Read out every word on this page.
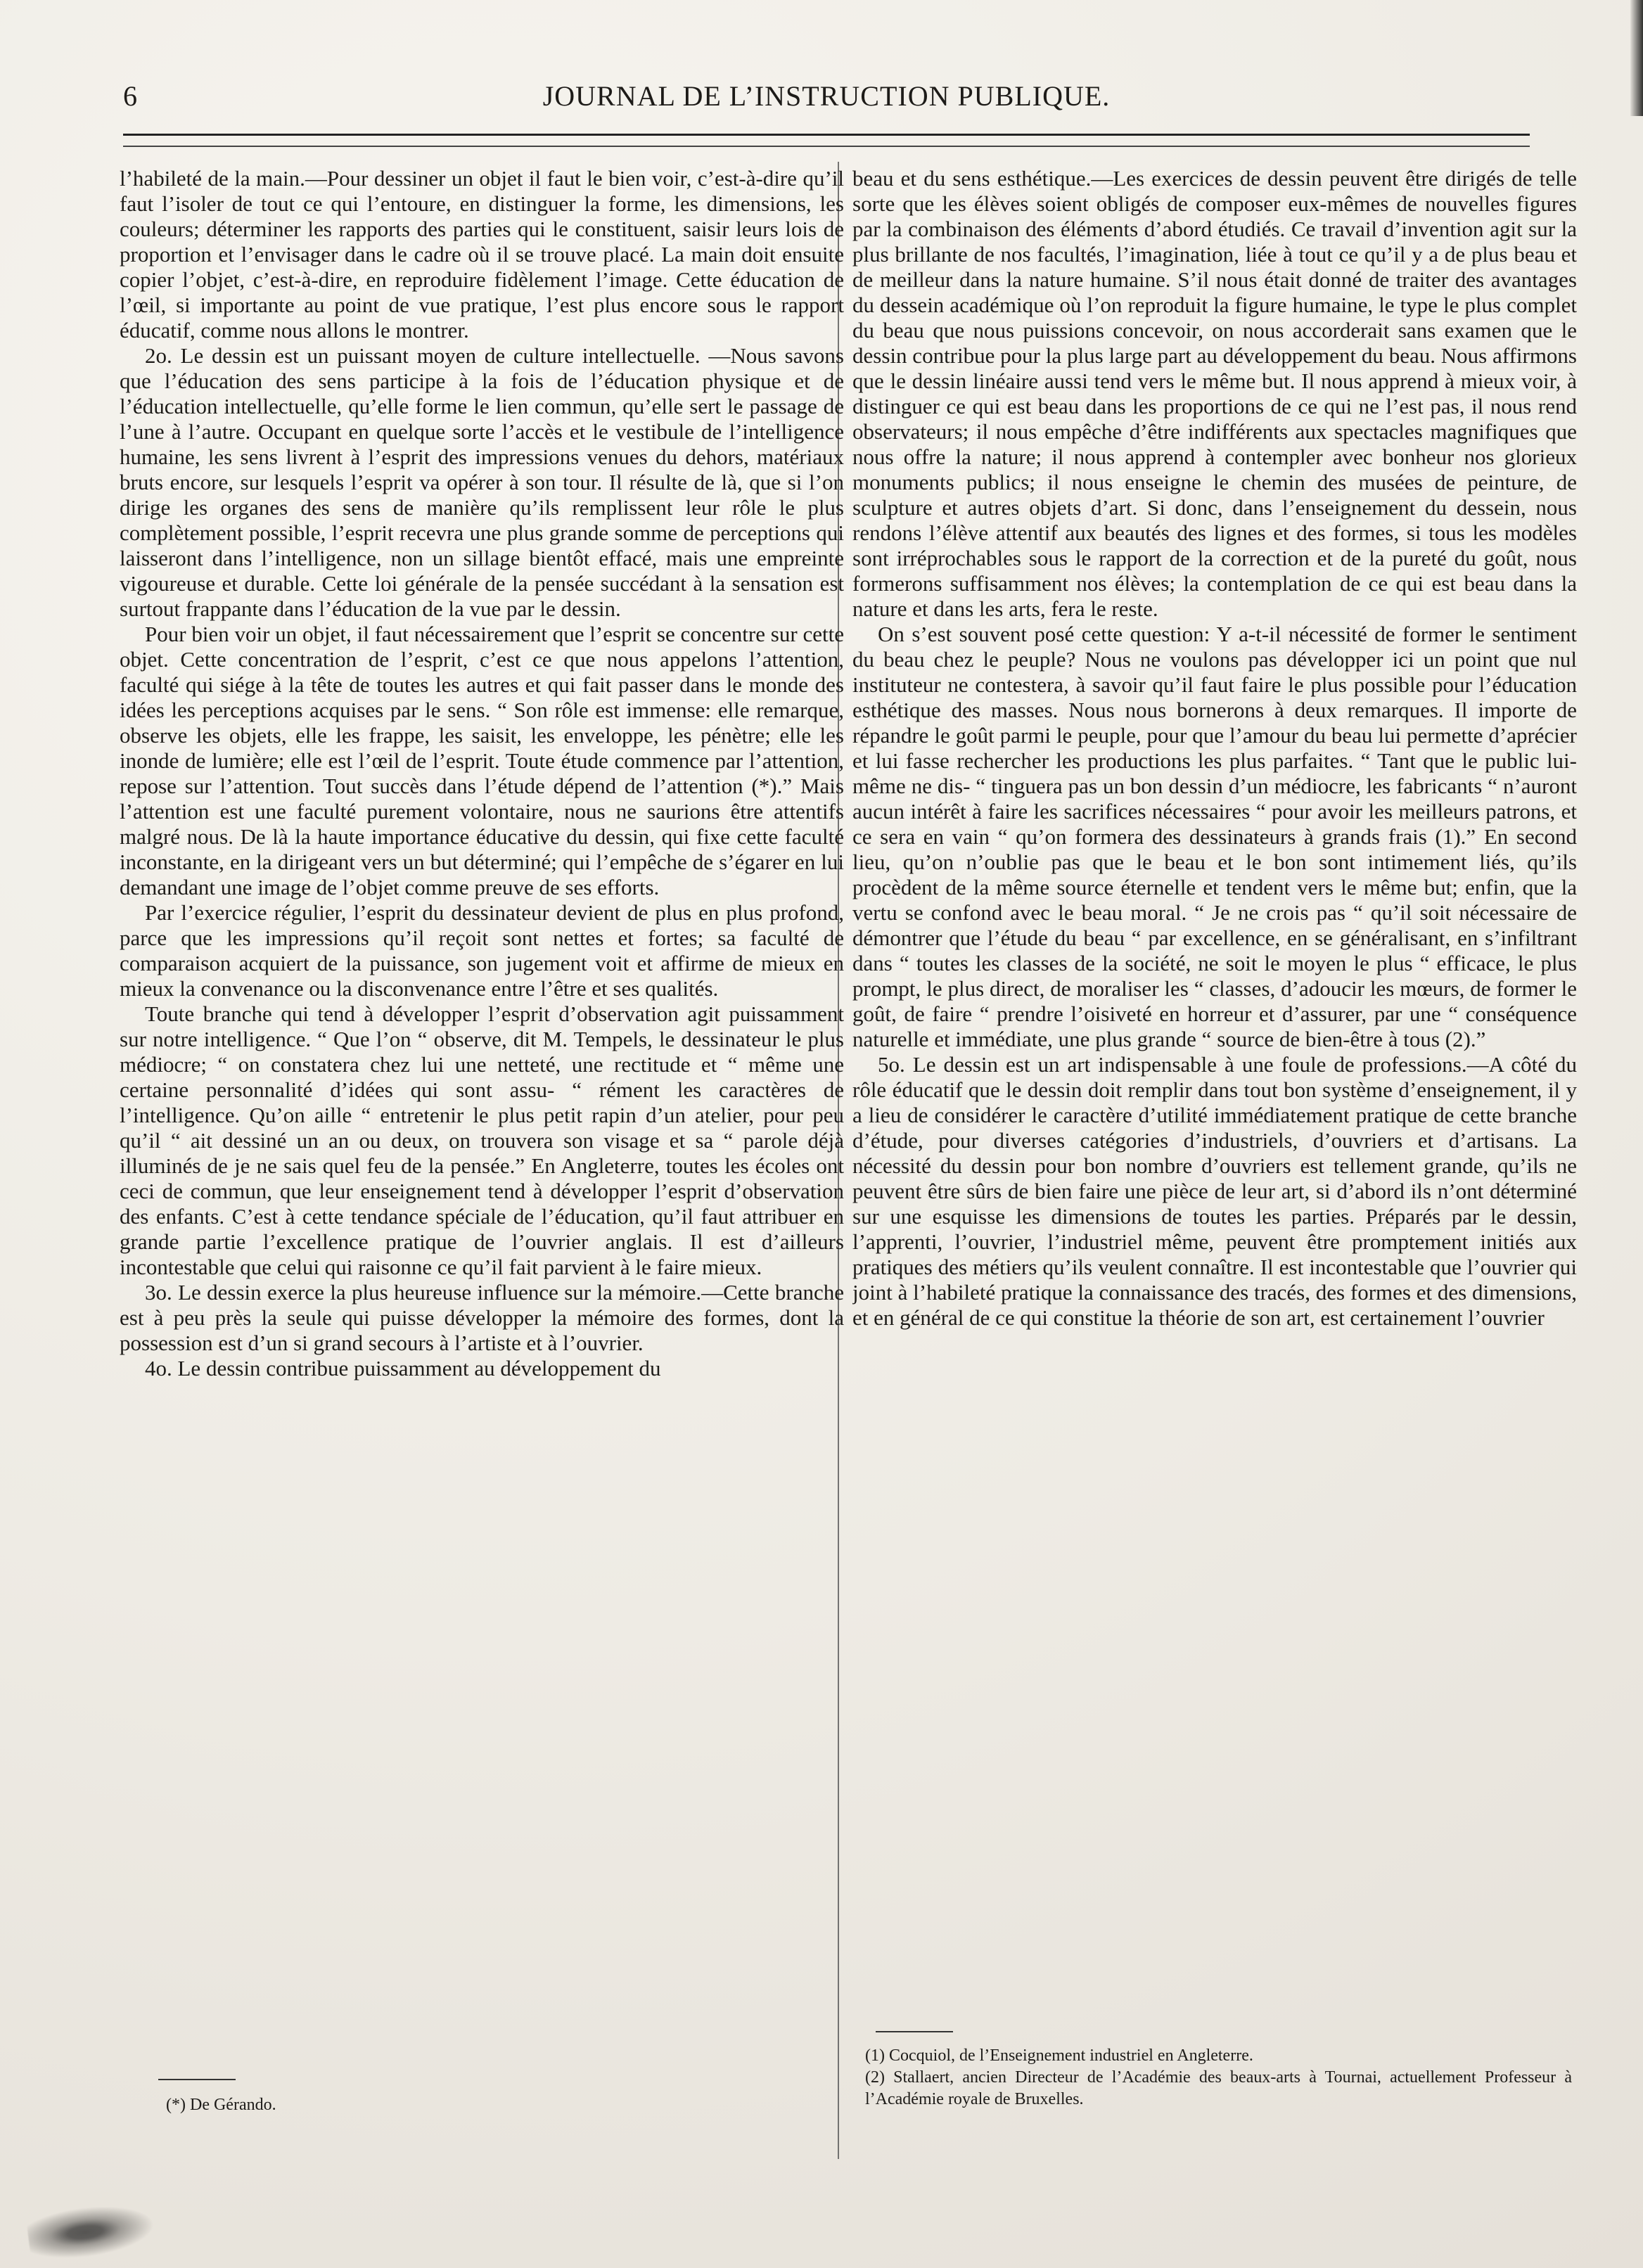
6	JOURNAL DE L’INSTRUCTION PUBLIQUE.

l’habileté de la main.—Pour dessiner un objet il faut le bien voir, c’est-à-dire qu’il faut l’isoler de tout ce qui l’entoure, en distinguer la forme, les dimensions, les couleurs; déterminer les rapports des parties qui le constituent, saisir leurs lois de proportion et l’envisager dans le cadre où il se trouve placé. La main doit ensuite copier l’objet, c’est-à-dire, en reproduire fidèlement l’image. Cette éducation de l’œil, si importante au point de vue pratique, l’est plus encore sous le rapport éducatif, comme nous allons le montrer.

2o. Le dessin est un puissant moyen de culture intellectuelle. —Nous savons que l’éducation des sens participe à la fois de l’éducation physique et de l’éducation intellectuelle, qu’elle forme le lien commun, qu’elle sert le passage de l’une à l’autre. Occupant en quelque sorte l’accès et le vestibule de l’intelligence humaine, les sens livrent à l’esprit des impressions venues du dehors, matériaux bruts encore, sur lesquels l’esprit va opérer à son tour. Il résulte de là, que si l’on dirige les organes des sens de manière qu’ils remplissent leur rôle le plus complètement possible, l’esprit recevra une plus grande somme de perceptions qui laisseront dans l’intelligence, non un sillage bientôt effacé, mais une empreinte vigoureuse et durable. Cette loi générale de la pensée succédant à la sensation est surtout frappante dans l’éducation de la vue par le dessin.

Pour bien voir un objet, il faut nécessairement que l’esprit se concentre sur cette objet. Cette concentration de l’esprit, c’est ce que nous appelons l’attention, faculté qui siége à la tête de toutes les autres et qui fait passer dans le monde des idées les perceptions acquises par le sens. “ Son rôle est immense: elle remarque, observe les objets, elle les frappe, les saisit, les enveloppe, les pénètre; elle les inonde de lumière; elle est l’œil de l’esprit. Toute étude commence par l’attention, repose sur l’attention. Tout succès dans l’étude dépend de l’attention (*).” Mais l’attention est une faculté purement volontaire, nous ne saurions être attentifs malgré nous. De là la haute importance éducative du dessin, qui fixe cette faculté inconstante, en la dirigeant vers un but déterminé; qui l’empêche de s’égarer en lui demandant une image de l’objet comme preuve de ses efforts.

Par l’exercice régulier, l’esprit du dessinateur devient de plus en plus profond, parce que les impressions qu’il reçoit sont nettes et fortes; sa faculté de comparaison acquiert de la puissance, son jugement voit et affirme de mieux en mieux la convenance ou la disconvenance entre l’être et ses qualités.

Toute branche qui tend à développer l’esprit d’observation agit puissamment sur notre intelligence. “ Que l’on “ observe, dit M. Tempels, le dessinateur le plus médiocre; “ on constatera chez lui une netteté, une rectitude et “ même une certaine personnalité d’idées qui sont assu- “ rément les caractères de l’intelligence. Qu’on aille “ entretenir le plus petit rapin d’un atelier, pour peu qu’il “ ait dessiné un an ou deux, on trouvera son visage et sa “ parole déjà illuminés de je ne sais quel feu de la pensée.” En Angleterre, toutes les écoles ont ceci de commun, que leur enseignement tend à développer l’esprit d’observation des enfants. C’est à cette tendance spéciale de l’éducation, qu’il faut attribuer en grande partie l’excellence pratique de l’ouvrier anglais. Il est d’ailleurs incontestable que celui qui raisonne ce qu’il fait parvient à le faire mieux.

3o. Le dessin exerce la plus heureuse influence sur la mémoire.—Cette branche est à peu près la seule qui puisse développer la mémoire des formes, dont la possession est d’un si grand secours à l’artiste et à l’ouvrier.

4o. Le dessin contribue puissamment au développement du

beau et du sens esthétique.—Les exercices de dessin peuvent être dirigés de telle sorte que les élèves soient obligés de composer eux-mêmes de nouvelles figures par la combinaison des éléments d’abord étudiés. Ce travail d’invention agit sur la plus brillante de nos facultés, l’imagination, liée à tout ce qu’il y a de plus beau et de meilleur dans la nature humaine. S’il nous était donné de traiter des avantages du dessein académique où l’on reproduit la figure humaine, le type le plus complet du beau que nous puissions concevoir, on nous accorderait sans examen que le dessin contribue pour la plus large part au développement du beau. Nous affirmons que le dessin linéaire aussi tend vers le même but. Il nous apprend à mieux voir, à distinguer ce qui est beau dans les proportions de ce qui ne l’est pas, il nous rend observateurs; il nous empêche d’être indifférents aux spectacles magnifiques que nous offre la nature; il nous apprend à contempler avec bonheur nos glorieux monuments publics; il nous enseigne le chemin des musées de peinture, de sculpture et autres objets d’art. Si donc, dans l’enseignement du dessein, nous rendons l’élève attentif aux beautés des lignes et des formes, si tous les modèles sont irréprochables sous le rapport de la correction et de la pureté du goût, nous formerons suffisamment nos élèves; la contemplation de ce qui est beau dans la nature et dans les arts, fera le reste.

On s’est souvent posé cette question: Y a-t-il nécessité de former le sentiment du beau chez le peuple? Nous ne voulons pas développer ici un point que nul instituteur ne contestera, à savoir qu’il faut faire le plus possible pour l’éducation esthétique des masses. Nous nous bornerons à deux remarques. Il importe de répandre le goût parmi le peuple, pour que l’amour du beau lui permette d’aprécier et lui fasse rechercher les productions les plus parfaites. “ Tant que le public lui-même ne dis- “ tinguera pas un bon dessin d’un médiocre, les fabricants “ n’auront aucun intérêt à faire les sacrifices nécessaires “ pour avoir les meilleurs patrons, et ce sera en vain “ qu’on formera des dessinateurs à grands frais (1).” En second lieu, qu’on n’oublie pas que le beau et le bon sont intimement liés, qu’ils procèdent de la même source éternelle et tendent vers le même but; enfin, que la vertu se confond avec le beau moral. “ Je ne crois pas “ qu’il soit nécessaire de démontrer que l’étude du beau “ par excellence, en se généralisant, en s’infiltrant dans “ toutes les classes de la société, ne soit le moyen le plus “ efficace, le plus prompt, le plus direct, de moraliser les “ classes, d’adoucir les mœurs, de former le goût, de faire “ prendre l’oisiveté en horreur et d’assurer, par une “ conséquence naturelle et immédiate, une plus grande “ source de bien-être à tous (2).”

5o. Le dessin est un art indispensable à une foule de professions.—A côté du rôle éducatif que le dessin doit remplir dans tout bon système d’enseignement, il y a lieu de considérer le caractère d’utilité immédiatement pratique de cette branche d’étude, pour diverses catégories d’industriels, d’ouvriers et d’artisans. La nécessité du dessin pour bon nombre d’ouvriers est tellement grande, qu’ils ne peuvent être sûrs de bien faire une pièce de leur art, si d’abord ils n’ont déterminé sur une esquisse les dimensions de toutes les parties. Préparés par le dessin, l’apprenti, l’ouvrier, l’industriel même, peuvent être promptement initiés aux pratiques des métiers qu’ils veulent connaître. Il est incontestable que l’ouvrier qui joint à l’habileté pratique la connaissance des tracés, des formes et des dimensions, et en général de ce qui constitue la théorie de son art, est certainement l’ouvrier

(*) De Gérando.

(1) Cocquiol, de l’Enseignement industriel en Angleterre.

(2) Stallaert, ancien Directeur de l’Académie des beaux-arts à Tournai, actuellement Professeur à l’Académie royale de Bruxelles.
